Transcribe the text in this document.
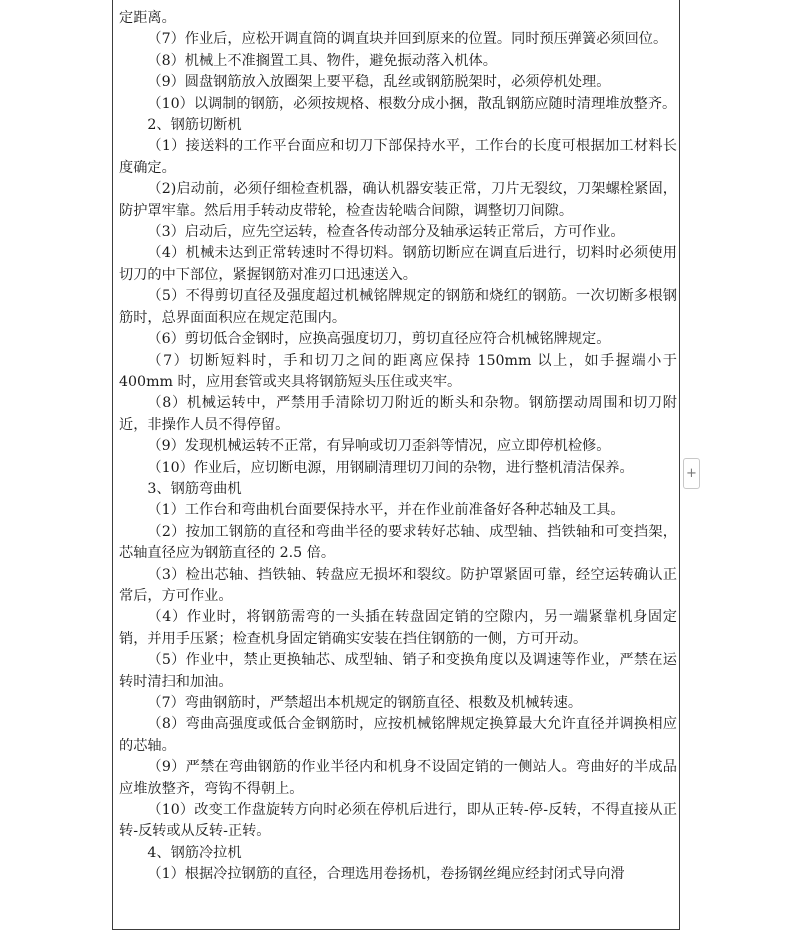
定距离。

（7）作业后，应松开调直筒的调直块并回到原来的位置。同时预压弹簧必须回位。

（8）机械上不准搁置工具、物件，避免振动落入机体。

（9）圆盘钢筋放入放圈架上要平稳，乱丝或钢筋脱架时，必须停机处理。

（10）以调制的钢筋，必须按规格、根数分成小捆，散乱钢筋应随时清理堆放整齐。

2、钢筋切断机

（1）接送料的工作平台面应和切刀下部保持水平，工作台的长度可根据加工材料长度确定。

（2)启动前，必须仔细检查机器，确认机器安装正常，刀片无裂纹，刀架螺栓紧固，防护罩牢靠。然后用手转动皮带轮，检查齿轮啮合间隙，调整切刀间隙。

（3）启动后，应先空运转，检查各传动部分及轴承运转正常后，方可作业。

（4）机械未达到正常转速时不得切料。钢筋切断应在调直后进行，切料时必须使用切刀的中下部位，紧握钢筋对准刃口迅速送入。

（5）不得剪切直径及强度超过机械铭牌规定的钢筋和烧红的钢筋。一次切断多根钢筋时，总界面面积应在规定范围内。

（6）剪切低合金钢时，应换高强度切刀，剪切直径应符合机械铭牌规定。

（7）切断短料时，手和切刀之间的距离应保持 150mm 以上，如手握端小于 400mm 时，应用套管或夹具将钢筋短头压住或夹牢。

（8）机械运转中，严禁用手清除切刀附近的断头和杂物。钢筋摆动周围和切刀附近，非操作人员不得停留。

（9）发现机械运转不正常，有异响或切刀歪斜等情况，应立即停机检修。

（10）作业后，应切断电源，用钢刷清理切刀间的杂物，进行整机清洁保养。

3、钢筋弯曲机

（1）工作台和弯曲机台面要保持水平，并在作业前准备好各种芯轴及工具。

（2）按加工钢筋的直径和弯曲半径的要求转好芯轴、成型轴、挡铁轴和可变挡架，芯轴直径应为钢筋直径的 2.5 倍。

（3）检出芯轴、挡铁轴、转盘应无损坏和裂纹。防护罩紧固可靠，经空运转确认正常后，方可作业。

（4）作业时，将钢筋需弯的一头插在转盘固定销的空隙内，另一端紧靠机身固定销，并用手压紧；检查机身固定销确实安装在挡住钢筋的一侧，方可开动。

（5）作业中，禁止更换轴芯、成型轴、销子和变换角度以及调速等作业，严禁在运转时清扫和加油。

（7）弯曲钢筋时，严禁超出本机规定的钢筋直径、根数及机械转速。

（8）弯曲高强度或低合金钢筋时，应按机械铭牌规定换算最大允许直径并调换相应的芯轴。

（9）严禁在弯曲钢筋的作业半径内和机身不设固定销的一侧站人。弯曲好的半成品应堆放整齐，弯钩不得朝上。

（10）改变工作盘旋转方向时必须在停机后进行，即从正转-停-反转，不得直接从正转-反转或从反转-正转。

4、钢筋冷拉机

（1）根据冷拉钢筋的直径，合理选用卷扬机，卷扬钢丝绳应经封闭式导向滑

+
